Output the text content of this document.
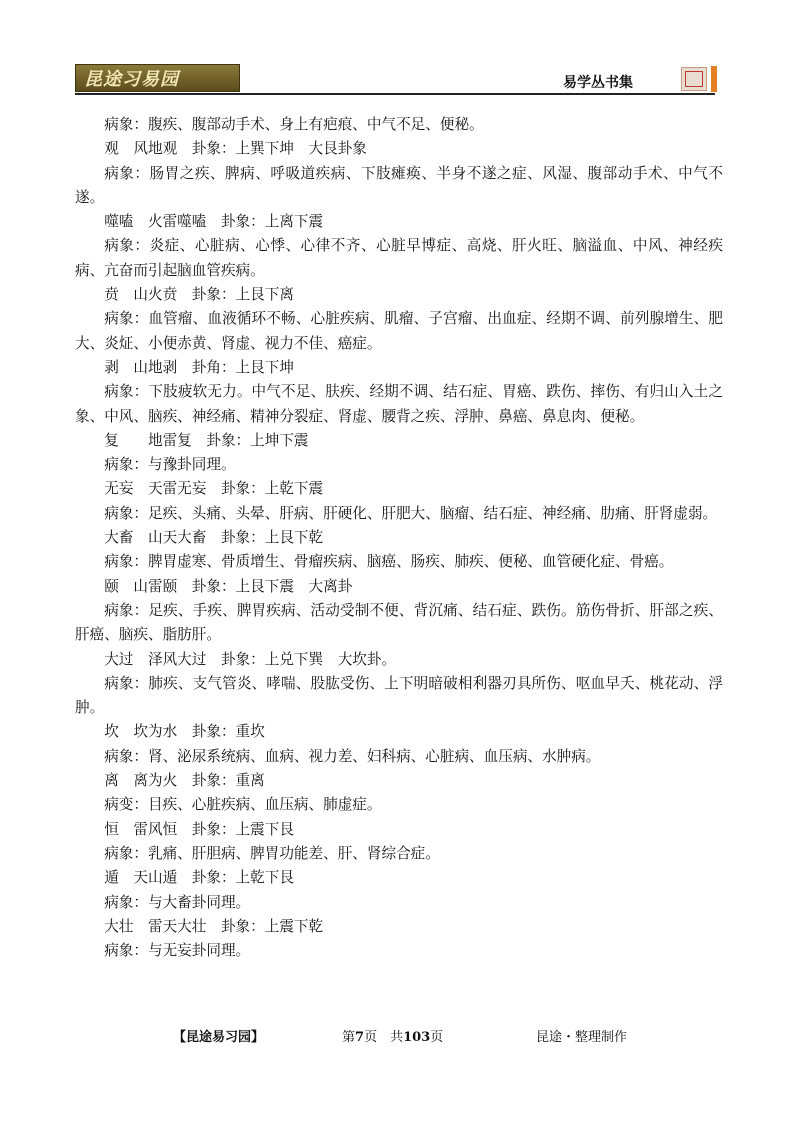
昆途习易园	易学丛书集

病象：腹疾、腹部动手术、身上有疤痕、中气不足、便秘。

观　风地观　卦象：上巽下坤　大艮卦象

病象：肠胃之疾、脾病、呼吸道疾病、下肢瘫痪、半身不遂之症、风湿、腹部动手术、中气不遂。

噬嗑　火雷噬嗑　卦象：上离下震

病象：炎症、心脏病、心悸、心律不齐、心脏早博症、高烧、肝火旺、脑溢血、中风、神经疾病、亢奋而引起脑血管疾病。

贲　山火贲　卦象：上艮下离

病象：血管瘤、血液循环不畅、心脏疾病、肌瘤、子宫瘤、出血症、经期不调、前列腺增生、肥大、炎炡、小便赤黄、肾虚、视力不佳、癌症。

剥　山地剥　卦角：上艮下坤

病象：下肢疲软无力。中气不足、肤疾、经期不调、结石症、胃癌、跌伤、摔伤、有归山入土之象、中风、脑疾、神经痛、精神分裂症、肾虚、腰背之疾、浮肿、鼻癌、鼻息肉、便秘。

复　　地雷复　卦象：上坤下震

病象：与豫卦同理。

无妄　天雷无妄　卦象：上乾下震

病象：足疾、头痛、头晕、肝病、肝硬化、肝肥大、脑瘤、结石症、神经痛、肋痛、肝肾虚弱。

大畜　山天大畜　卦象：上艮下乾

病象：脾胃虚寒、骨质增生、骨瘤疾病、脑癌、肠疾、肺疾、便秘、血管硬化症、骨癌。

颐　山雷颐　卦象：上艮下震　大离卦

病象：足疾、手疾、脾胃疾病、活动受制不便、背沉痛、结石症、跌伤。筋伤骨折、肝部之疾、肝癌、脑疾、脂肪肝。

大过　泽风大过　卦象：上兑下巽　大坎卦。

病象：肺疾、支气管炎、哮喘、股肱受伤、上下明暗破相利器刃具所伤、呕血早夭、桃花动、浮肿。

坎　坎为水　卦象：重坎

病象：肾、泌尿系统病、血病、视力差、妇科病、心脏病、血压病、水肿病。

离　离为火　卦象：重离

病变：目疾、心脏疾病、血压病、肺虚症。

恒　雷风恒　卦象：上震下艮

病象：乳痛、肝胆病、脾胃功能差、肝、肾综合症。

遁　天山遁　卦象：上乾下艮

病象：与大畜卦同理。

大壮　雷天大壮　卦象：上震下乾

病象：与无妄卦同理。

【昆途易习园】	第7页　共103页	昆途・整理制作
